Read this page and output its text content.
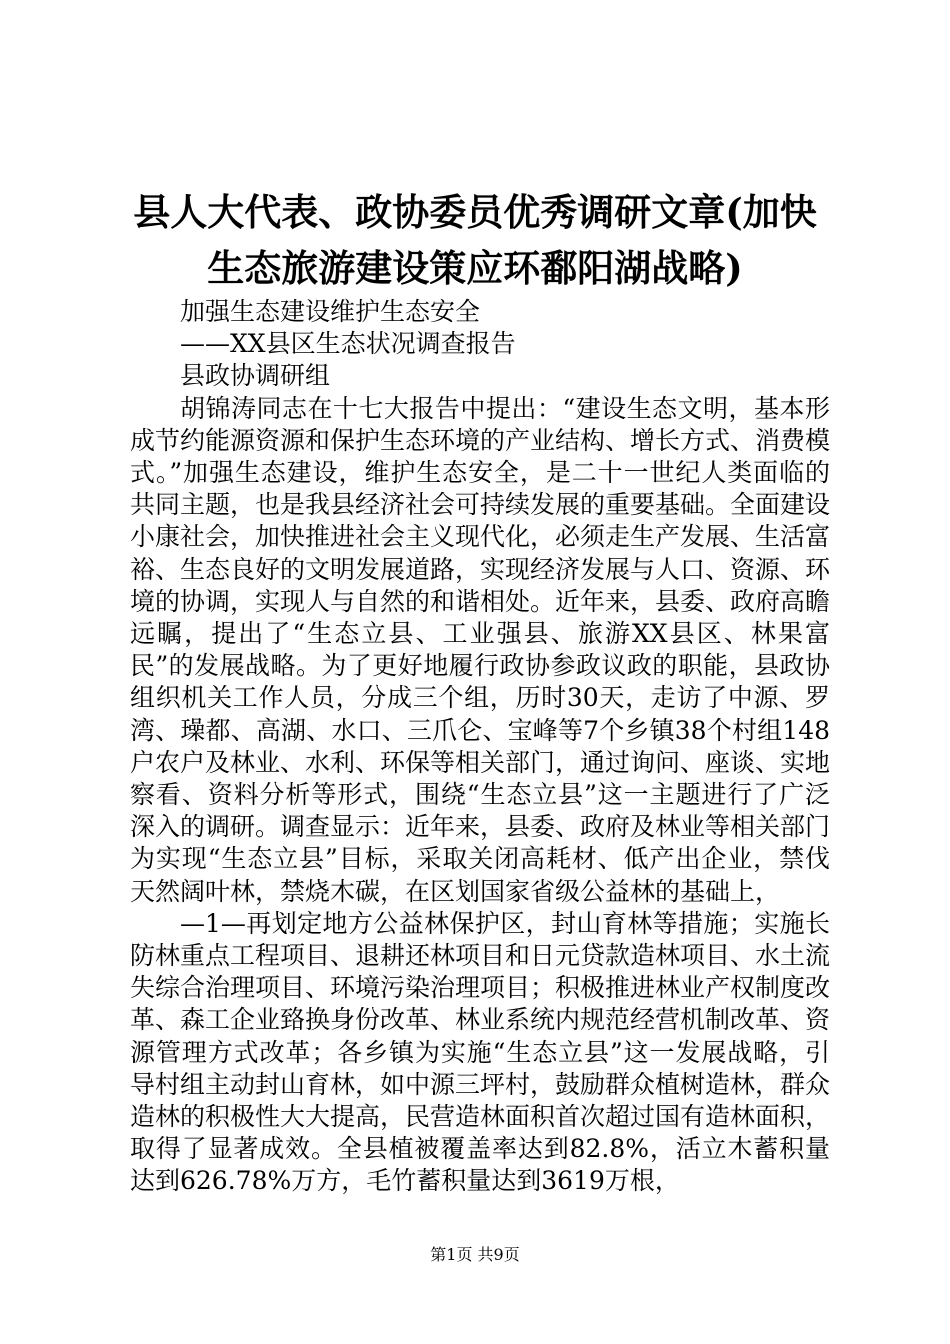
县人大代表、政协委员优秀调研文章(加快生态旅游建设策应环鄱阳湖战略)

加强生态建设维护生态安全

——XX县区生态状况调查报告

县政协调研组

胡锦涛同志在十七大报告中提出：“建设生态文明，基本形成节约能源资源和保护生态环境的产业结构、增长方式、消费模式。”加强生态建设，维护生态安全，是二十一世纪人类面临的共同主题，也是我县经济社会可持续发展的重要基础。全面建设小康社会，加快推进社会主义现代化，必须走生产发展、生活富裕、生态良好的文明发展道路，实现经济发展与人口、资源、环境的协调，实现人与自然的和谐相处。近年来，县委、政府高瞻远瞩，提出了“生态立县、工业强县、旅游XX县区、林果富民”的发展战略。为了更好地履行政协参政议政的职能，县政协组织机关工作人员，分成三个组，历时30天，走访了中源、罗湾、璪都、高湖、水口、三爪仑、宝峰等7个乡镇38个村组148户农户及林业、水利、环保等相关部门，通过询问、座谈、实地察看、资料分析等形式，围绕“生态立县”这一主题进行了广泛深入的调研。调查显示：近年来，县委、政府及林业等相关部门为实现“生态立县”目标，采取关闭高耗材、低产出企业，禁伐天然阔叶林，禁烧木碳，在区划国家省级公益林的基础上，

—1—再划定地方公益林保护区，封山育林等措施；实施长防林重点工程项目、退耕还林项目和日元贷款造林项目、水土流失综合治理项目、环境污染治理项目；积极推进林业产权制度改革、森工企业臵换身份改革、林业系统内规范经营机制改革、资源管理方式改革；各乡镇为实施“生态立县”这一发展战略，引导村组主动封山育林，如中源三坪村，鼓励群众植树造林，群众造林的积极性大大提高，民营造林面积首次超过国有造林面积，取得了显著成效。全县植被覆盖率达到82.8%，活立木蓄积量达到626.78%万方，毛竹蓄积量达到3619万根，

第1页 共9页
